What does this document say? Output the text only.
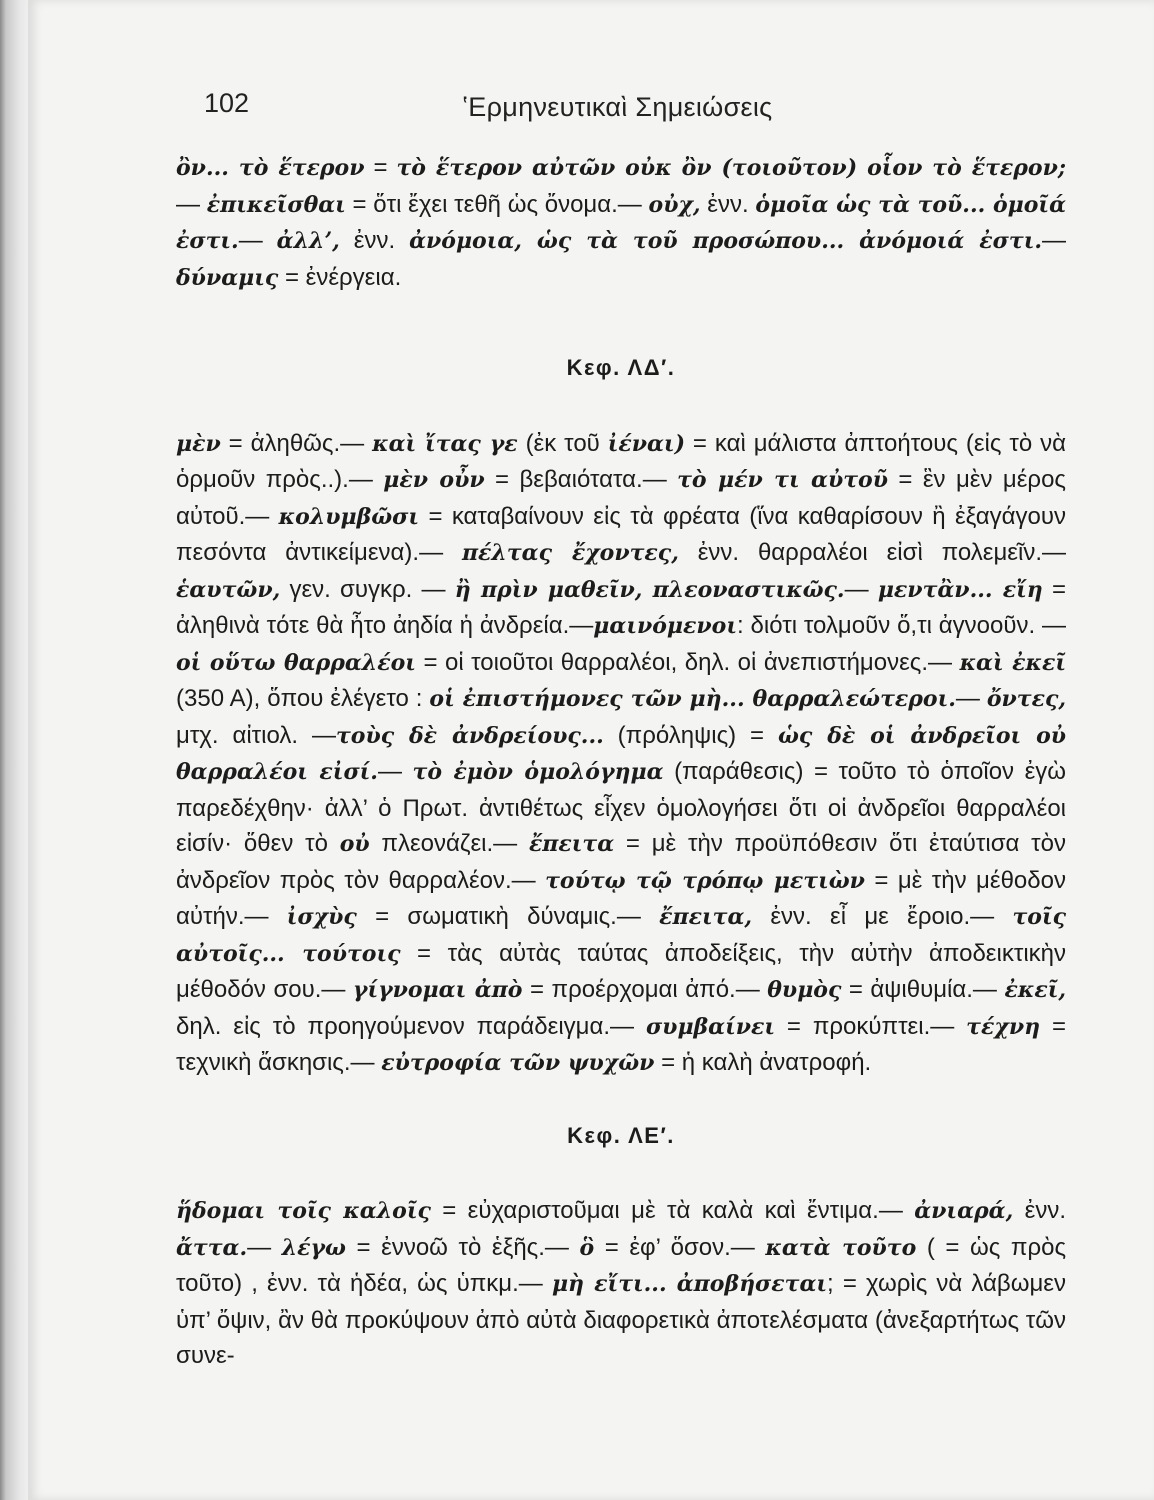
102	ʽΕρμηνευτικαὶ Σημειώσεις

ὂν... τὸ ἕτερον = τὸ ἕτερον αὐτῶν οὐκ ὂν (τοιοῦτον) οἷον τὸ ἕτερον; — ἐπικεῖσθαι = ὅτι ἔχει τεθῆ ὡς ὄνομα.— οὐχ, ἐνν. ὁμοῖα ὡς τὰ τοῦ... ὁμοῖά ἐστι.— ἀλλ’, ἐνν. ἀνόμοια, ὡς τὰ τοῦ προσώπου... ἀνόμοιά ἐστι.— δύναμις = ἐνέργεια.

Κεφ. ΛΔ′.

μὲν = ἀληθῶς.— καὶ ἴτας γε (ἐκ τοῦ ἰέναι) = καὶ μάλιστα ἀπτοήτους (εἰς τὸ νὰ ὁρμοῦν πρὸς..).— μὲν οὖν = βεβαιότατα.— τὸ μέν τι αὐτοῦ = ἓν μὲν μέρος αὐτοῦ.— κολυμβῶσι = καταβαίνουν εἰς τὰ φρέατα (ἵνα καθαρίσουν ἢ ἐξαγάγουν πεσόντα ἀντικείμενα).— πέλτας ἔχοντες, ἐνν. θαρραλέοι εἰσὶ πολεμεῖν.— ἑαυτῶν, γεν. συγκρ. — ἢ πρὶν μαθεῖν, πλεοναστικῶς.— μεντἂν... εἴη = ἀληθινὰ τότε θὰ ἦτο ἀηδία ἡ ἀνδρεία.—μαινόμενοι: διότι τολμοῦν ὅ,τι ἀγνοοῦν. — οἱ οὕτω θαρραλέοι = οἱ τοιοῦτοι θαρραλέοι, δηλ. οἱ ἀνεπιστήμονες.— καὶ ἐκεῖ (350 Α), ὅπου ἐλέγετο : οἱ ἐπιστήμονες τῶν μὴ... θαρραλεώτεροι.— ὄντες, μτχ. αἰτιολ. —τοὺς δὲ ἀνδρείους... (πρόληψις) = ὡς δὲ οἱ ἀνδρεῖοι οὐ θαρραλέοι εἰσί.— τὸ ἐμὸν ὁμολόγημα (παράθεσις) = τοῦτο τὸ ὁποῖον ἐγὼ παρεδέχθην· ἀλλ’ ὁ Πρωτ. ἀντιθέτως εἶχεν ὁμολογήσει ὅτι οἱ ἀνδρεῖοι θαρραλέοι εἰσίν· ὅθεν τὸ οὐ πλεονάζει.— ἔπειτα = μὲ τὴν προϋπόθεσιν ὅτι ἐταύτισα τὸν ἀνδρεῖον πρὸς τὸν θαρραλέον.— τούτῳ τῷ τρόπῳ μετιὼν = μὲ τὴν μέθοδον αὐτήν.— ἰσχὺς = σωματικὴ δύναμις.— ἔπειτα, ἐνν. εἶ με ἔροιο.— τοῖς αὐτοῖς... τούτοις = τὰς αὐτὰς ταύτας ἀποδείξεις, τὴν αὐτὴν ἀποδεικτικὴν μέθοδόν σου.— γίγνομαι ἀπὸ = προέρχομαι ἀπό.— θυμὸς = ἀψιθυμία.— ἐκεῖ, δηλ. εἰς τὸ προηγούμενον παράδειγμα.— συμβαίνει = προκύπτει.— τέχνη = τεχνικὴ ἄσκησις.— εὐτροφία τῶν ψυχῶν = ἡ καλὴ ἀνατροφή.

Κεφ. ΛΕ′.

ἥδομαι τοῖς καλοῖς = εὐχαριστοῦμαι μὲ τὰ καλὰ καὶ ἔντιμα.— ἀνιαρά, ἐνν. ἄττα.— λέγω = ἐννοῶ τὸ ἑξῆς.— ὃ = ἐφ’ ὅσον.— κατὰ τοῦτο ( = ὡς πρὸς τοῦτο) , ἐνν. τὰ ἡδέα, ὡς ὑπκμ.— μὴ εἴτι... ἀποβήσεται; = χωρὶς νὰ λάβωμεν ὑπ’ ὄψιν, ἂν θὰ προκύψουν ἀπὸ αὐτὰ διαφορετικὰ ἀποτελέσματα (ἀνεξαρτήτως τῶν συνε-
